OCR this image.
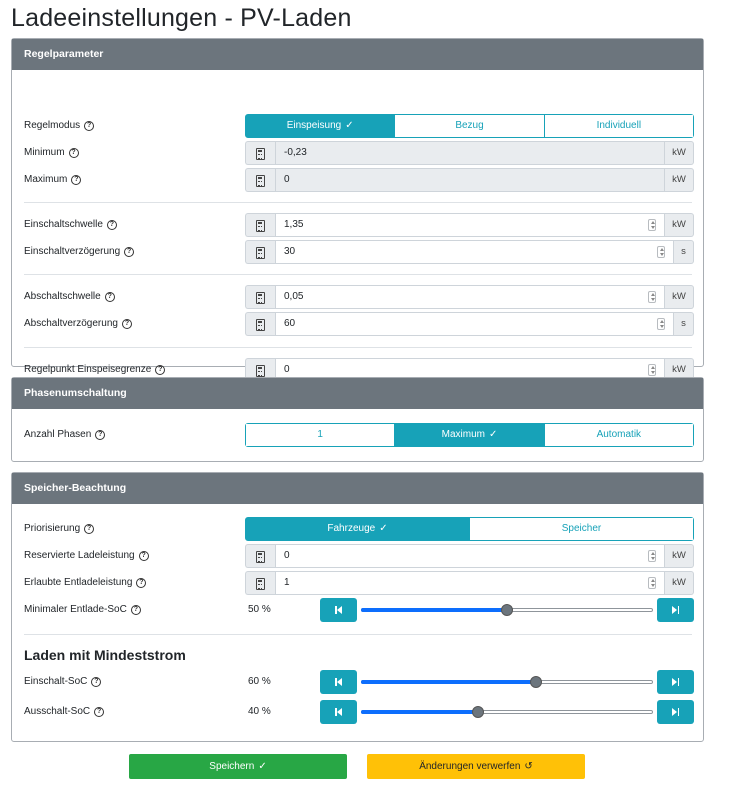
Ladeeinstellungen - PV-Laden
Regelparameter
Regelmodus ?	Einspeisung ✓	Bezug	Individuell
Minimum ?	-0,23	kW
Maximum ?	0	kW
Einschaltschwelle ?	1,35	kW
Einschaltverzögerung ?	30	s
Abschaltschwelle ?	0,05	kW
Abschaltverzögerung ?	60	s
Regelpunkt Einspeisegrenze ?	0	kW
Phasenumschaltung
Anzahl Phasen ?	1	Maximum ✓	Automatik
Speicher-Beachtung
Priorisierung ?	Fahrzeuge ✓	Speicher
Reservierte Ladeleistung ?	0	kW
Erlaubte Entladeleistung ?	1	kW
Minimaler Entlade-SoC ?	50 %
Laden mit Mindeststrom
Einschalt-SoC ?	60 %
Ausschalt-SoC ?	40 %
Speichern ✓	Änderungen verwerfen ↺
